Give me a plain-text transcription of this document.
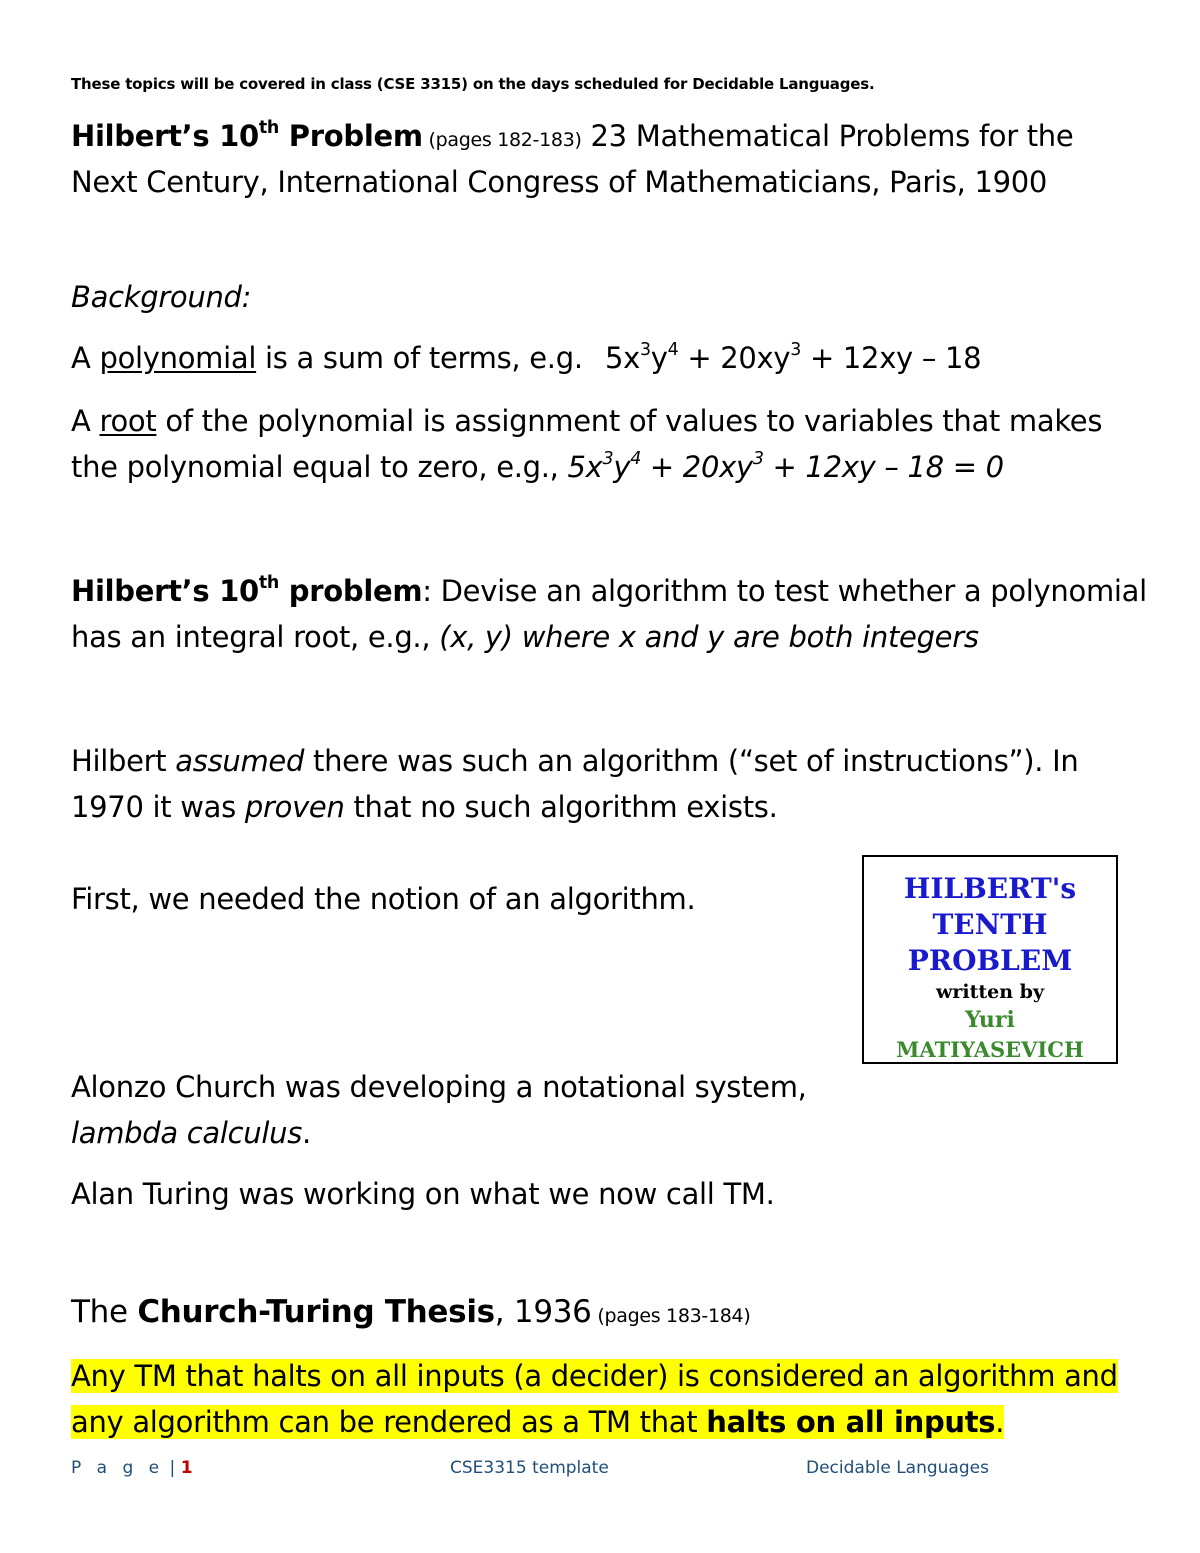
These topics will be covered in class (CSE 3315) on the days scheduled for Decidable Languages.
Hilbert’s 10th Problem (pages 182-183) 23 Mathematical Problems for the
Next Century, International Congress of Mathematicians, Paris, 1900
Background:
A polynomial is a sum of terms, e.g. $5x^3y^4 + 20xy^3 + 12xy - 18$
A root of the polynomial is assignment of values to variables that makes
the polynomial equal to zero, e.g., $5x^3y^4 + 20xy^3 + 12xy - 18 = 0$
Hilbert’s 10th problem: Devise an algorithm to test whether a polynomial
has an integral root, e.g., (x, y) where x and y are both integers
Hilbert assumed there was such an algorithm (“set of instructions”). In
1970 it was proven that no such algorithm exists.
First, we needed the notion of an algorithm.	HILBERT's
TENTH
PROBLEM
written by
Yuri
MATIYASEVICH
Alonzo Church was developing a notational system,
lambda calculus.
Alan Turing was working on what we now call TM.
The Church-Turing Thesis, 1936 (pages 183-184)
Any TM that halts on all inputs (a decider) is considered an algorithm and
any algorithm can be rendered as a TM that halts on all inputs.
P a g e | 1	CSE3315 template	Decidable Languages
